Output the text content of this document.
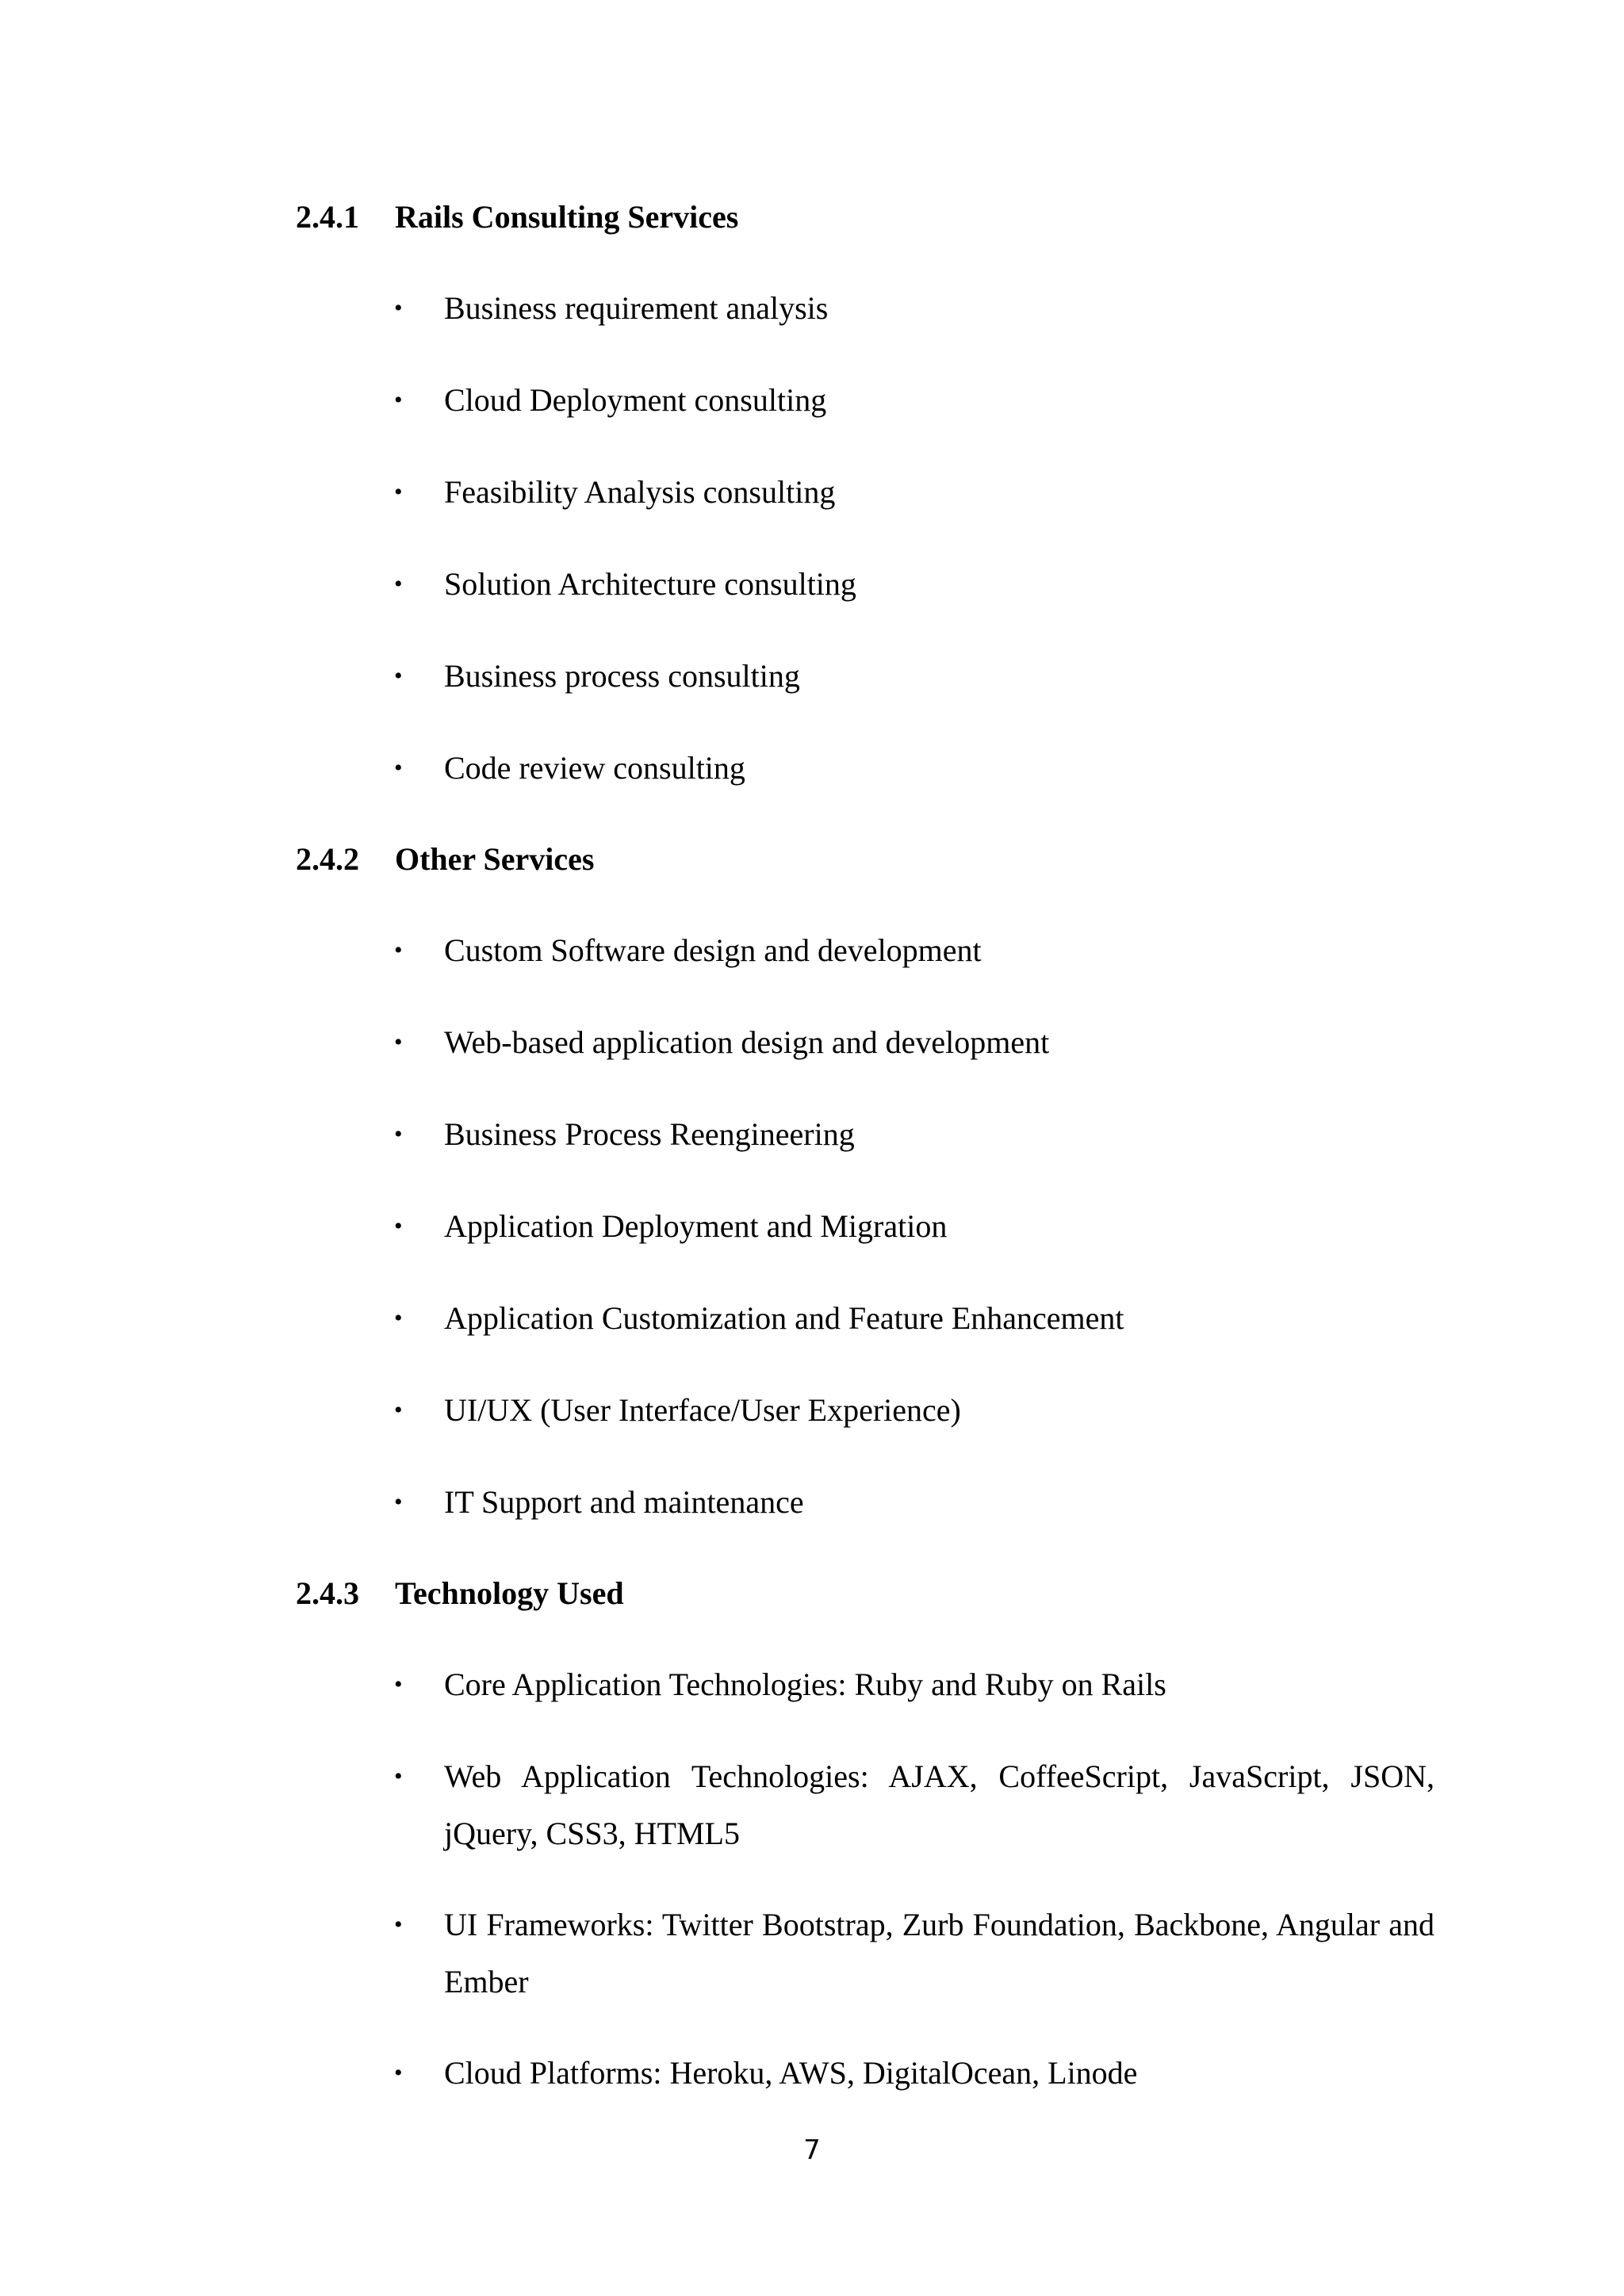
2.4.1 Rails Consulting Services
• Business requirement analysis
• Cloud Deployment consulting
• Feasibility Analysis consulting
• Solution Architecture consulting
• Business process consulting
• Code review consulting
2.4.2 Other Services
• Custom Software design and development
• Web-based application design and development
• Business Process Reengineering
• Application Deployment and Migration
• Application Customization and Feature Enhancement
• UI/UX (User Interface/User Experience)
• IT Support and maintenance
2.4.3 Technology Used
• Core Application Technologies: Ruby and Ruby on Rails
• Web Application Technologies: AJAX, CoffeeScript, JavaScript, JSON, jQuery, CSS3, HTML5
• UI Frameworks: Twitter Bootstrap, Zurb Foundation, Backbone, Angular and Ember
• Cloud Platforms: Heroku, AWS, DigitalOcean, Linode
7
